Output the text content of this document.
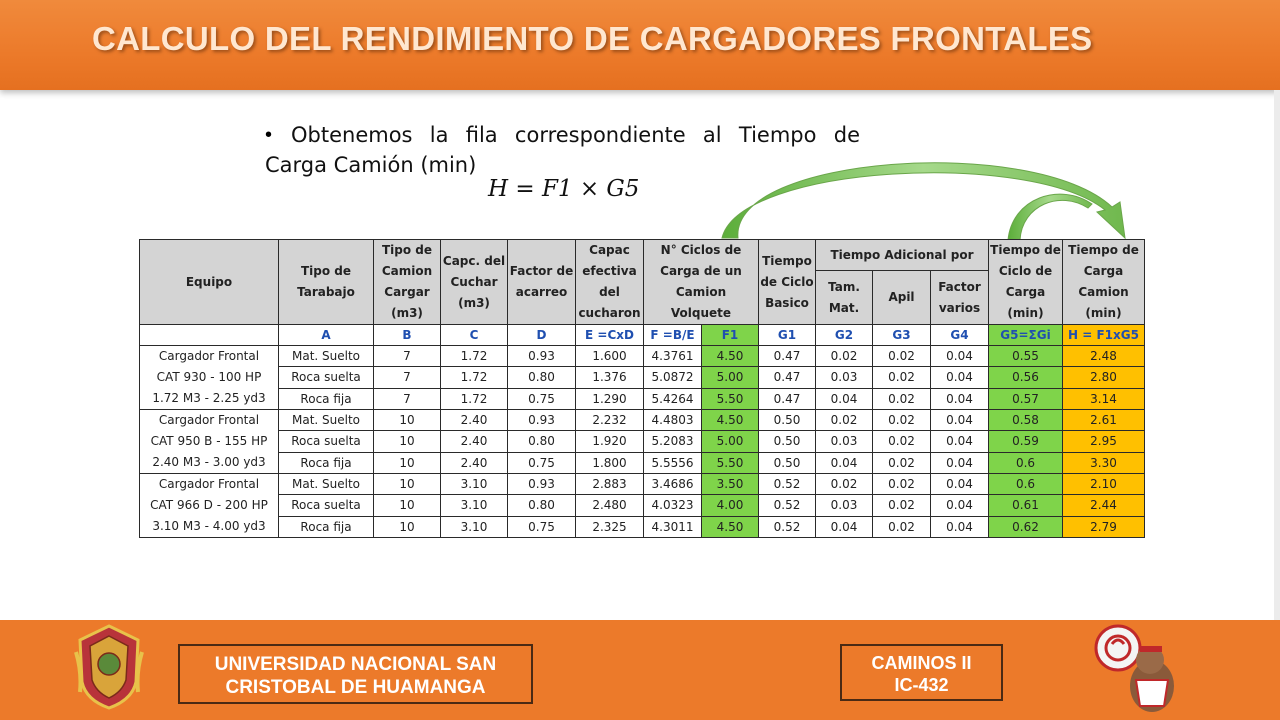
CALCULO DEL RENDIMIENTO DE CARGADORES FRONTALES
• Obtenemos la fila correspondiente al Tiempo de Carga Camión (min)
H = F1 × G5
Equipo	Tipo de Tarabajo	Tipo de Camion Cargar (m3)	Capc. del Cuchar (m3)	Factor de acarreo	Capac efectiva del cucharon	N° Ciclos de Carga de un Camion Volquete		Tiempo de Ciclo Basico	Tiempo Adicional por			Tiempo de Ciclo de Carga (min)	Tiempo de Carga Camion (min)
									Tam. Mat.	Apil	Factor varios		
	A	B	C	D	E =CxD	F =B/E	F1	G1	G2	G3	G4	G5=ΣGi	H = F1xG5

Cargador Frontal
CAT 930 - 100 HP
1.72 M3 - 2.25 yd3	Mat. Suelto	7	1.72	0.93	1.600	4.3761	4.50	0.47	0.02	0.02	0.04	0.55	2.48
	Roca suelta	7	1.72	0.80	1.376	5.0872	5.00	0.47	0.03	0.02	0.04	0.56	2.80
	Roca fija	7	1.72	0.75	1.290	5.4264	5.50	0.47	0.04	0.02	0.04	0.57	3.14

Cargador Frontal
CAT 950 B - 155 HP
2.40 M3 - 3.00 yd3	Mat. Suelto	10	2.40	0.93	2.232	4.4803	4.50	0.50	0.02	0.02	0.04	0.58	2.61
	Roca suelta	10	2.40	0.80	1.920	5.2083	5.00	0.50	0.03	0.02	0.04	0.59	2.95
	Roca fija	10	2.40	0.75	1.800	5.5556	5.50	0.50	0.04	0.02	0.04	0.6	3.30

Cargador Frontal
CAT 966 D - 200 HP
3.10 M3 - 4.00 yd3	Mat. Suelto	10	3.10	0.93	2.883	3.4686	3.50	0.52	0.02	0.02	0.04	0.6	2.10
	Roca suelta	10	3.10	0.80	2.480	4.0323	4.00	0.52	0.03	0.02	0.04	0.61	2.44
	Roca fija	10	3.10	0.75	2.325	4.3011	4.50	0.52	0.04	0.02	0.04	0.62	2.79
UNIVERSIDAD NACIONAL SAN CRISTOBAL DE HUAMANGA
CAMINOS II
IC-432
